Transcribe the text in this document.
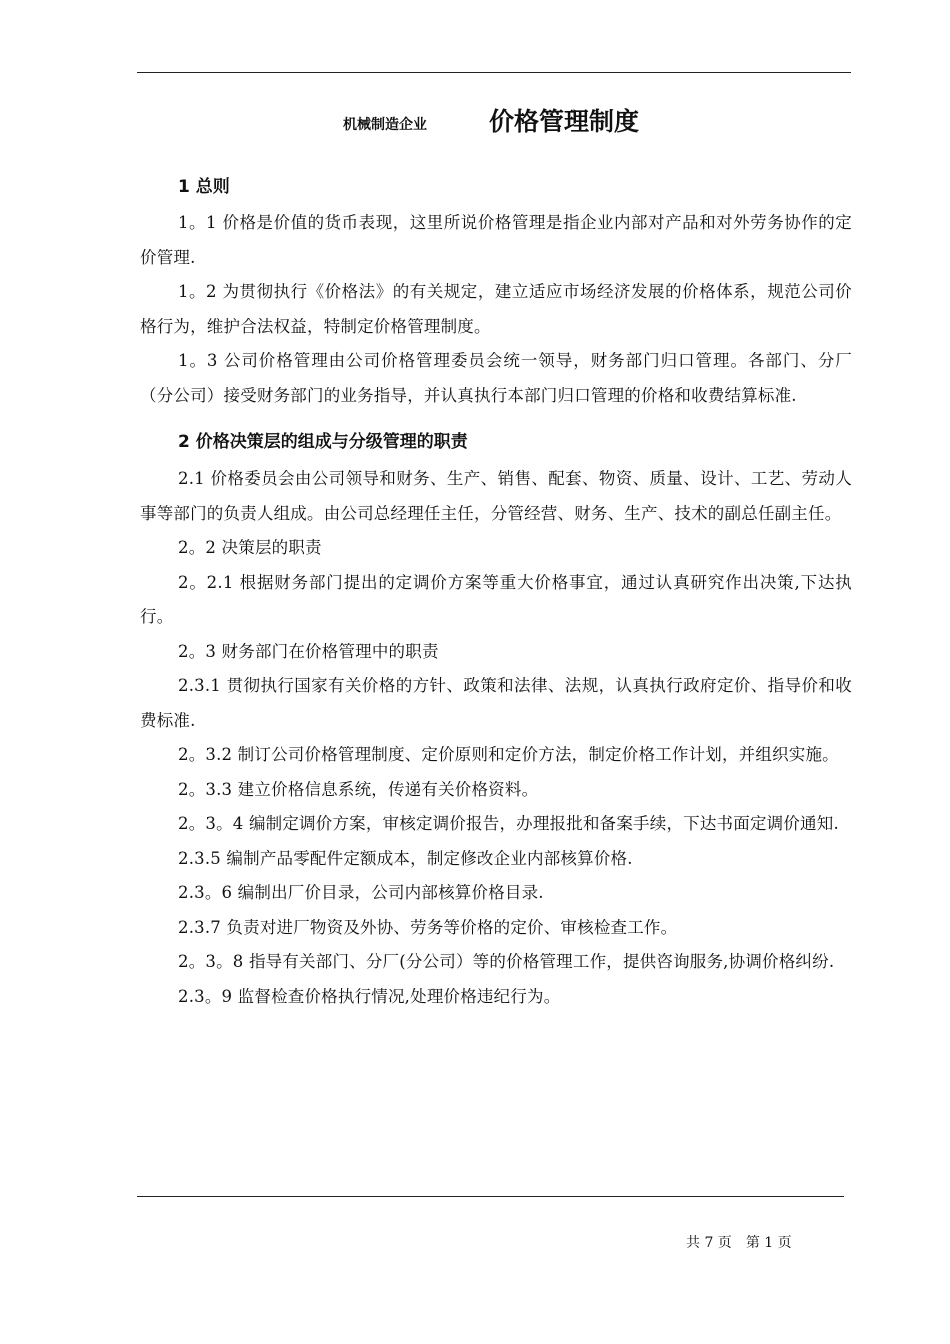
机械制造企业 价格管理制度
1 总则

1。1 价格是价值的货币表现，这里所说价格管理是指企业内部对产品和对外劳务协作的定价管理.

1。2 为贯彻执行《价格法》的有关规定，建立适应市场经济发展的价格体系，规范公司价格行为，维护合法权益，特制定价格管理制度。

1。3 公司价格管理由公司价格管理委员会统一领导，财务部门归口管理。各部门、分厂（分公司）接受财务部门的业务指导，并认真执行本部门归口管理的价格和收费结算标准.

2 价格决策层的组成与分级管理的职责

2.1 价格委员会由公司领导和财务、生产、销售、配套、物资、质量、设计、工艺、劳动人事等部门的负责人组成。由公司总经理任主任，分管经营、财务、生产、技术的副总任副主任。

2。2 决策层的职责

2。2.1 根据财务部门提出的定调价方案等重大价格事宜，通过认真研究作出决策,下达执行。

2。3 财务部门在价格管理中的职责

2.3.1 贯彻执行国家有关价格的方针、政策和法律、法规，认真执行政府定价、指导价和收费标准.

2。3.2 制订公司价格管理制度、定价原则和定价方法，制定价格工作计划，并组织实施。

2。3.3 建立价格信息系统，传递有关价格资料。

2。3。4 编制定调价方案，审核定调价报告，办理报批和备案手续，下达书面定调价通知.

2.3.5 编制产品零配件定额成本，制定修改企业内部核算价格.

2.3。6 编制出厂价目录，公司内部核算价格目录.

2.3.7 负责对进厂物资及外协、劳务等价格的定价、审核检查工作。

2。3。8 指导有关部门、分厂(分公司）等的价格管理工作，提供咨询服务,协调价格纠纷.

2.3。9 监督检查价格执行情况,处理价格违纪行为。

共 7 页 第 1 页
